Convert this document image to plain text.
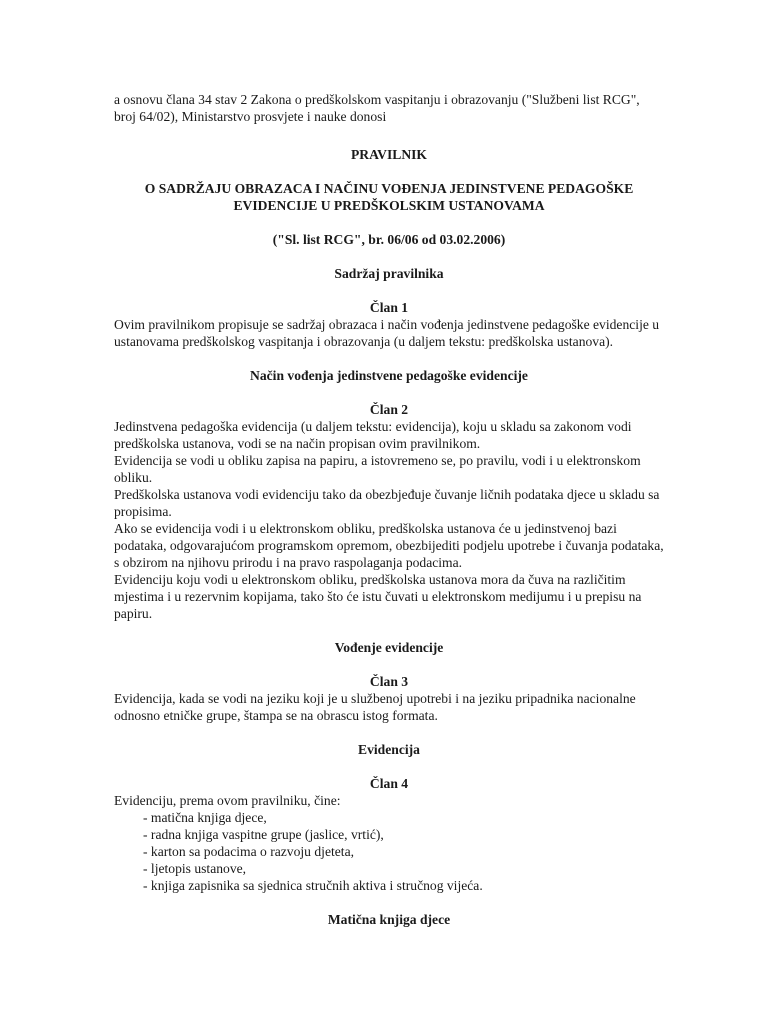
a osnovu člana 34 stav 2 Zakona o predškolskom vaspitanju i obrazovanju ("Službeni list RCG", broj 64/02), Ministarstvo prosvjete i nauke donosi

PRAVILNIK

O SADRŽAJU OBRAZACA I NAČINU VOĐENJA JEDINSTVENE PEDAGOŠKE
EVIDENCIJE U PREDŠKOLSKIM USTANOVAMA

("Sl. list RCG", br. 06/06 od 03.02.2006)

Sadržaj pravilnika

Član 1

Ovim pravilnikom propisuje se sadržaj obrazaca i način vođenja jedinstvene pedagoške evidencije u ustanovama predškolskog vaspitanja i obrazovanja (u daljem tekstu: predškolska ustanova).

Način vođenja jedinstvene pedagoške evidencije

Član 2

Jedinstvena pedagoška evidencija (u daljem tekstu: evidencija), koju u skladu sa zakonom vodi predškolska ustanova, vodi se na način propisan ovim pravilnikom.

Evidencija se vodi u obliku zapisa na papiru, a istovremeno se, po pravilu, vodi i u elektronskom obliku.

Predškolska ustanova vodi evidenciju tako da obezbjeđuje čuvanje ličnih podataka djece u skladu sa propisima.

Ako se evidencija vodi i u elektronskom obliku, predškolska ustanova će u jedinstvenoj bazi podataka, odgovarajućom programskom opremom, obezbijediti podjelu upotrebe i čuvanja podataka, s obzirom na njihovu prirodu i na pravo raspolaganja podacima.

Evidenciju koju vodi u elektronskom obliku, predškolska ustanova mora da čuva na različitim mjestima i u rezervnim kopijama, tako što će istu čuvati u elektronskom medijumu i u prepisu na papiru.

Vođenje evidencije

Član 3

Evidencija, kada se vodi na jeziku koji je u službenoj upotrebi i na jeziku pripadnika nacionalne odnosno etničke grupe, štampa se na obrascu istog formata.

Evidencija

Član 4

Evidenciju, prema ovom pravilniku, čine:

- matična knjiga djece,
- radna knjiga vaspitne grupe (jaslice, vrtić),
- karton sa podacima o razvoju djeteta,
- ljetopis ustanove,
- knjiga zapisnika sa sjednica stručnih aktiva i stručnog vijeća.

Matična knjiga djece
